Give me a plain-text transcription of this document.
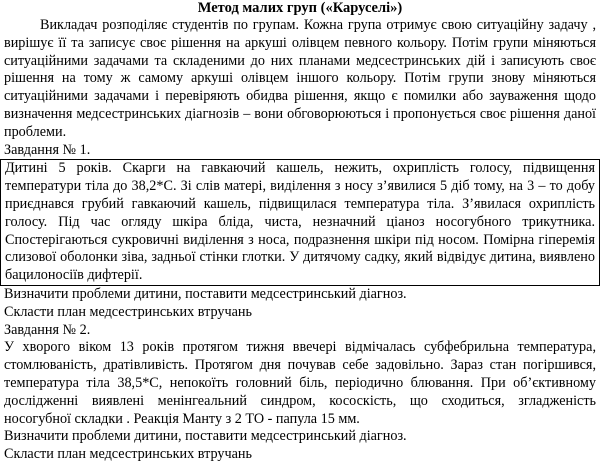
Метод малих груп («Каруселі»)

Викладач розподіляє студентів по групам. Кожна група отримує свою ситуаційну задачу , вирішує її та записує своє рішення на аркуші олівцем певного кольору. Потім групи міняються ситуаційними задачами та складеними до них планами медсестринських дій і записують своє рішення на тому ж самому аркуші олівцем іншого кольору. Потім групи знову міняються ситуаційними задачами і перевіряють обидва рішення, якщо є помилки або зауваження щодо визначення медсестринських діагнозів – вони обговорюються і пропонується своє рішення даної проблеми.

Завдання № 1.

Дитині 5 років. Скарги на гавкаючий кашель, нежить, охриплість голосу, підвищення температури тіла до 38,2*С. Зі слів матері, виділення з носу з’явилися 5 діб тому, на 3 – то добу приєднався грубий гавкаючий кашель, підвищилася температура тіла. З’явилася охриплість голосу. Під час огляду шкіра бліда, чиста, незначний ціаноз носогубного трикутника. Спостерігаються сукровичні виділення з носа, подразнення шкіри під носом. Помірна гіперемія слизової оболонки зіва, задньої стінки глотки. У дитячому садку, який відвідує дитина, виявлено бацилоносіїв дифтерії.

Визначити проблеми дитини, поставити медсестринський діагноз.

Скласти план медсестринських втручань

Завдання № 2.

У хворого віком 13 років протягом тижня ввечері відмічалась субфебрильна температура, стомлюваність, дратівливість. Протягом дня почував себе задовільно. Зараз стан погіршився, температура тіла 38,5*С, непокоїть головний біль, періодично блювання. При об’єктивному дослідженні виявлені менінгеальний синдром, кососкість, що сходиться, згладженість носогубної складки . Реакція Манту з 2 ТО - папула 15 мм.

Визначити проблеми дитини, поставити медсестринський діагноз.

Скласти план медсестринських втручань
